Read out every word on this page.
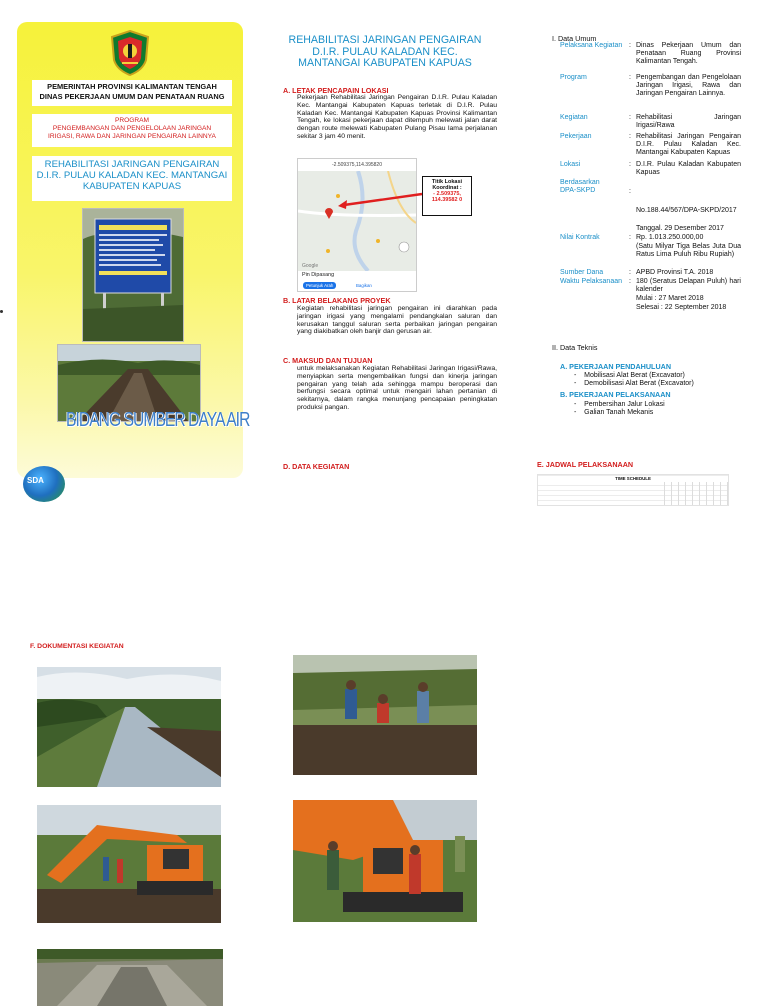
PEMERINTAH PROVINSI KALIMANTAN TENGAH
DINAS PEKERJAAN UMUM DAN PENATAAN RUANG
PROGRAM
PENGEMBANGAN DAN PENGELOLAAN JARINGAN
IRIGASI, RAWA DAN JARINGAN PENGAIRAN LAINNYA
REHABILITASI JARINGAN PENGAIRAN
D.I.R. PULAU KALADAN KEC. MANTANGAI
KABUPATEN KAPUAS
BIDANG SUMBER DAYA AIR
SDA
REHABILITASI JARINGAN PENGAIRAN
D.I.R. PULAU KALADAN KEC.
MANTANGAI KABUPATEN KAPUAS
A. LETAK PENCAPAIN LOKASI
Pekerjaan Rehabilitasi Jaringan Pengairan D.I.R. Pulau Kaladan Kec. Mantangai Kabupaten Kapuas terletak di D.I.R. Pulau Kaladan Kec. Mantangai Kabupaten Kapuas Provinsi Kalimantan Tengah, ke lokasi pekerjaan dapat ditempuh melewati jalan darat dengan route melewati Kabupaten Pulang Pisau lama perjalanan sekitar 3 jam 40 menit.
-2.509375,114.395820
Google
Pin Dipasang
Petunjuk Arah	Bagikan
Titik Lokasi Koordinat :
- 2.509375, 114.39582 0
B. LATAR BELAKANG PROYEK
Kegiatan rehabilitasi jaringan pengairan ini diarahkan pada jaringan irigasi yang mengalami pendangkalan saluran dan kerusakan tanggul saluran serta perbaikan jaringan pengairan yang diakibatkan oleh banjir dan gerusan air.
C. MAKSUD DAN TUJUAN
untuk melaksanakan Kegiatan Rehabilitasi Jaringan Irigasi/Rawa, menyiapkan serta mengembalikan fungsi dan kinerja jaringan pengairan yang telah ada sehingga mampu beroperasi dan berfungsi secara optimal untuk mengairi lahan pertanian di sekitarnya, dalam rangka menunjang pencapaian peningkatan produksi pangan.
D. DATA KEGIATAN
I. Data Umum
Pelaksana Kegiatan : Dinas Pekerjaan Umum dan Penataan Ruang Provinsi Kalimantan Tengah.
Program	: Pengembangan dan Pengelolaan Jaringan Irigasi, Rawa dan Jaringan Pengairan Lainnya.
Kegiatan	: Rehabilitasi Jaringan Irigasi/Rawa
Pekerjaan	: Rehabilitasi Jaringan Pengairan D.I.R. Pulau Kaladan Kec. Mantangai Kabupaten Kapuas
Lokasi	: D.I.R. Pulau Kaladan Kabupaten Kapuas
Berdasarkan DPA-SKPD	:
No.188.44/567/DPA-SKPD/2017
Tanggal. 29 Desember 2017
Nilai Kontrak	: Rp. 1.013.250.000,00
(Satu Milyar Tiga Belas Juta Dua Ratus Lima Puluh Ribu Rupiah)
Sumber Dana	: APBD Provinsi T.A. 2018
Waktu Pelaksanaan	: 180 (Seratus Delapan Puluh) hari kalender
Mulai : 27 Maret 2018
Selesai : 22 September 2018
II. Data Teknis
A. PEKERJAAN PENDAHULUAN
-    Mobilisasi Alat Berat (Excavator)
-    Demobilisasi Alat Berat (Excavator)
B. PEKERJAAN PELAKSANAAN
-    Pembersihan Jalur Lokasi
-    Galian Tanah Mekanis
E. JADWAL PELAKSANAAN
TIME SCHEDULE
F. DOKUMENTASI KEGIATAN
